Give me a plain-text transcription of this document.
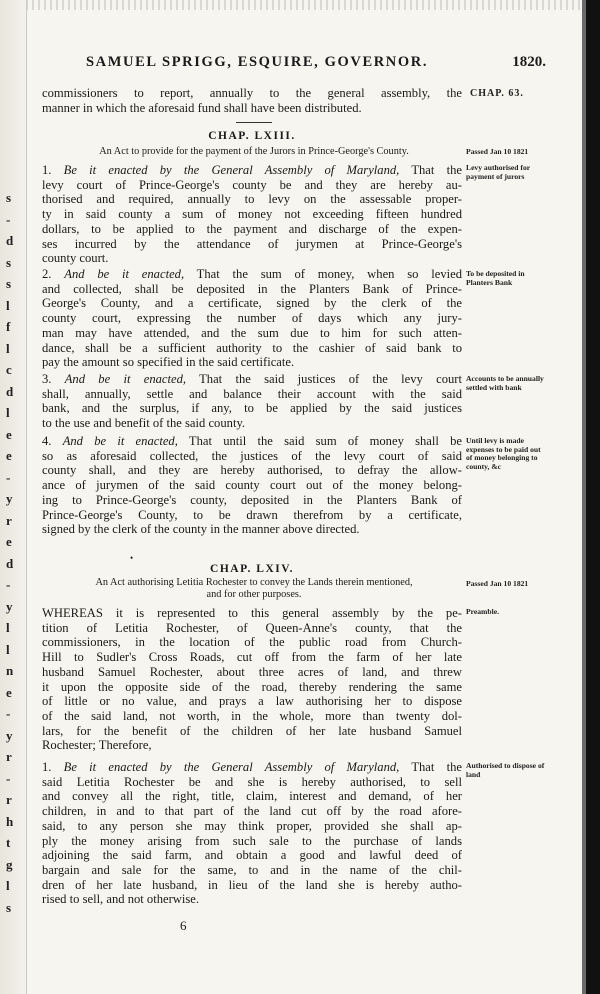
s
-
d
s
s
l
f
l
c
d
l
e
e
-
y
r
e
d
-
y
l
l
n
e
-
y
r
-
r
h
t
g
l
s
SAMUEL SPRIGG, ESQUIRE, GOVERNOR.	1820.
commissioners to report, annually to the general assembly, the
manner in which the aforesaid fund shall have been distributed.
CHAP. 63.
CHAP. LXIII.
An Act to provide for the payment of the Jurors in Prince-George's County.	Passed Jan 10 1821
1. Be it enacted by the General Assembly of Maryland, That the
levy court of Prince-George's county be and they are hereby au-
thorised and required, annually to levy on the assessable proper-
ty in said county a sum of money not exceeding fifteen hundred
dollars, to be applied to the payment and discharge of the expen-
ses incurred by the attendance of jurymen at Prince-George's
county court.
Levy authorised for payment of jurors
2. And be it enacted, That the sum of money, when so levied
and collected, shall be deposited in the Planters Bank of Prince-
George's County, and a certificate, signed by the clerk of the
county court, expressing the number of days which any jury-
man may have attended, and the sum due to him for such atten-
dance, shall be a sufficient authority to the cashier of said bank to
pay the amount so specified in the said certificate.
To be deposited in Planters Bank
3. And be it enacted, That the said justices of the levy court
shall, annually, settle and balance their account with the said
bank, and the surplus, if any, to be applied by the said justices
to the use and benefit of the said county.
Accounts to be annually settled with bank
4. And be it enacted, That until the said sum of money shall be
so as aforesaid collected, the justices of the levy court of said
county shall, and they are hereby authorised, to defray the allow-
ance of jurymen of the said county court out of the money belong-
ing to Prince-George's county, deposited in the Planters Bank of
Prince-George's County, to be drawn therefrom by a certificate,
signed by the clerk of the county in the manner above directed.
Until levy is made expenses to be paid out of money belonging to county, &c
•
CHAP. LXIV.
An Act authorising Letitia Rochester to convey the Lands therein mentioned,
and for other purposes.
Passed Jan 10 1821
Preamble.
WHEREAS it is represented to this general assembly by the pe-
tition of Letitia Rochester, of Queen-Anne's county, that the
commissioners, in the location of the public road from Church-
Hill to Sudler's Cross Roads, cut off from the farm of her late
husband Samuel Rochester, about three acres of land, and threw
it upon the opposite side of the road, thereby rendering the same
of little or no value, and prays a law authorising her to dispose
of the said land, not worth, in the whole, more than twenty dol-
lars, for the benefit of the children of her late husband Samuel
Rochester; Therefore,
1. Be it enacted by the General Assembly of Maryland, That the
said Letitia Rochester be and she is hereby authorised, to sell
and convey all the right, title, claim, interest and demand, of her
children, in and to that part of the land cut off by the road afore-
said, to any person she may think proper, provided she shall ap-
ply the money arising from such sale to the purchase of lands
adjoining the said farm, and obtain a good and lawful deed of
bargain and sale for the same, to and in the name of the chil-
dren of her late husband, in lieu of the land she is hereby autho-
rised to sell, and not otherwise.
Authorised to dispose of land
6
